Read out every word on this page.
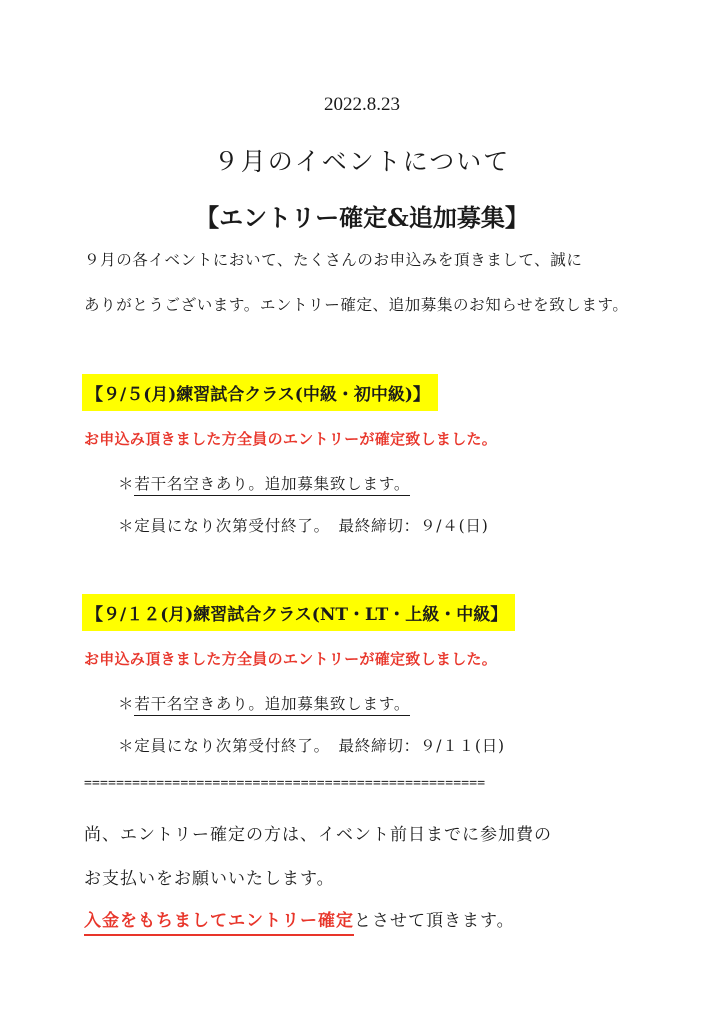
2022.8.23

９月のイベントについて
【エントリー確定&追加募集】

９月の各イベントにおいて、たくさんのお申込みを頂きまして、誠に

ありがとうございます。エントリー確定、追加募集のお知らせを致します。

【９/５(月)練習試合クラス(中級・初中級)】

お申込み頂きました方全員のエントリーが確定致しました。

＊若干名空きあり。追加募集致します。

＊定員になり次第受付終了。　最終締切：９/４(日)

【９/１２(月)練習試合クラス(NT・LT・上級・中級】

お申込み頂きました方全員のエントリーが確定致しました。

＊若干名空きあり。追加募集致します。

＊定員になり次第受付終了。　最終締切：９/１１(日)

==================================================

尚、エントリー確定の方は、イベント前日までに参加費の

お支払いをお願いいたします。

入金をもちましてエントリー確定とさせて頂きます。
